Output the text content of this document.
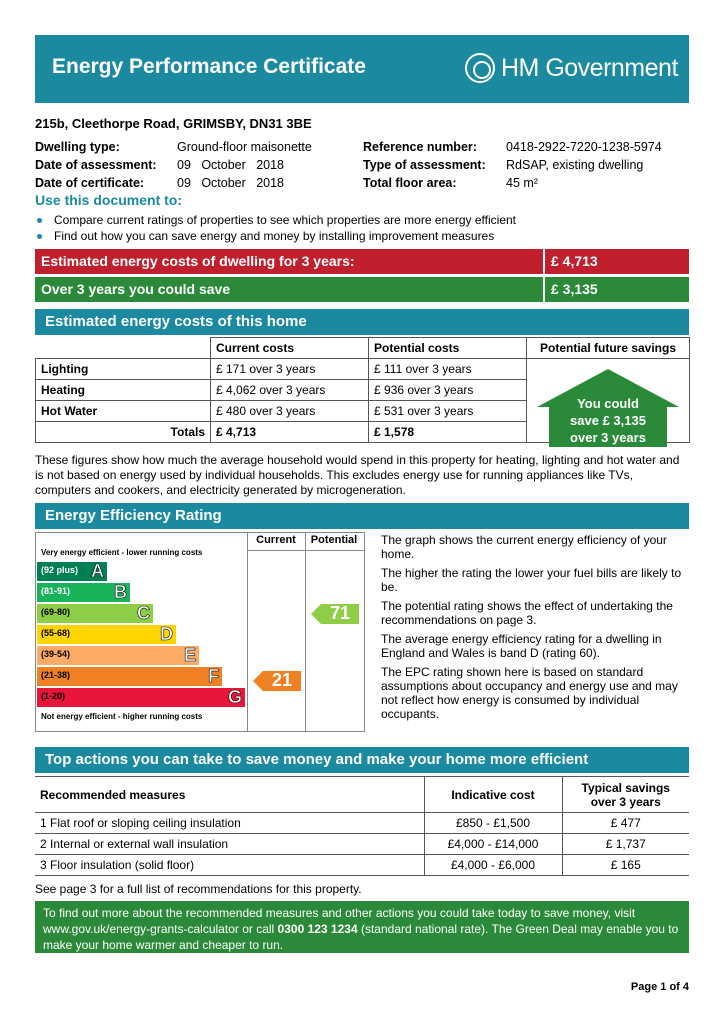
Energy Performance Certificate	HM Government
215b, Cleethorpe Road, GRIMSBY, DN31 3BE
Dwelling type:	Ground-floor maisonette
Date of assessment:	09   October   2018
Date of certificate:	09   October   2018
Reference number:	0418-2922-7220-1238-5974
Type of assessment:	RdSAP, existing dwelling
Total floor area:	45 m²
Use this document to:
Compare current ratings of properties to see which properties are more energy efficient
Find out how you can save energy and money by installing improvement measures
Estimated energy costs of dwelling for 3 years:	£ 4,713
Over 3 years you could save	£ 3,135
Estimated energy costs of this home
	Current costs	Potential costs	Potential future savings
Lighting	£ 171 over 3 years	£ 111 over 3 years	You could
save £ 3,135
over 3 years

Heating	£ 4,062 over 3 years	£ 936 over 3 years	
Hot Water	£ 480 over 3 years	£ 531 over 3 years	
Totals	£ 4,713	£ 1,578	
These figures show how much the average household would spend in this property for heating, lighting and hot water and is not based on energy used by individual households. This excludes energy use for running appliances like TVs, computers and cookers, and electricity generated by microgeneration.
Energy Efficiency Rating
Current	Potential
Very energy efficient - lower running costs
Not energy efficient - higher running costs
(92 plus) A
(81-91) B
(69-80)	C
(55-68)	D
(39-54)	E
(21-38)	F
(1-20)	G
21
71
The graph shows the current energy efficiency of your home.
The higher the rating the lower your fuel bills are likely to be.
The potential rating shows the effect of undertaking the recommendations on page 3.
The average energy efficiency rating for a dwelling in England and Wales is band D (rating 60).
The EPC rating shown here is based on standard assumptions about occupancy and energy use and may not reflect how energy is consumed by individual occupants.
Top actions you can take to save money and make your home more efficient
Recommended measures	Indicative cost	Typical savings over 3 years
1 Flat roof or sloping ceiling insulation	£850 - £1,500	£ 477
2 Internal or external wall insulation	£4,000 - £14,000	£ 1,737
3 Floor insulation (solid floor)	£4,000 - £6,000	£ 165
See page 3 for a full list of recommendations for this property.
To find out more about the recommended measures and other actions you could take today to save money, visit www.gov.uk/energy-grants-calculator or call 0300 123 1234 (standard national rate). The Green Deal may enable you to make your home warmer and cheaper to run.
Page 1 of 4
